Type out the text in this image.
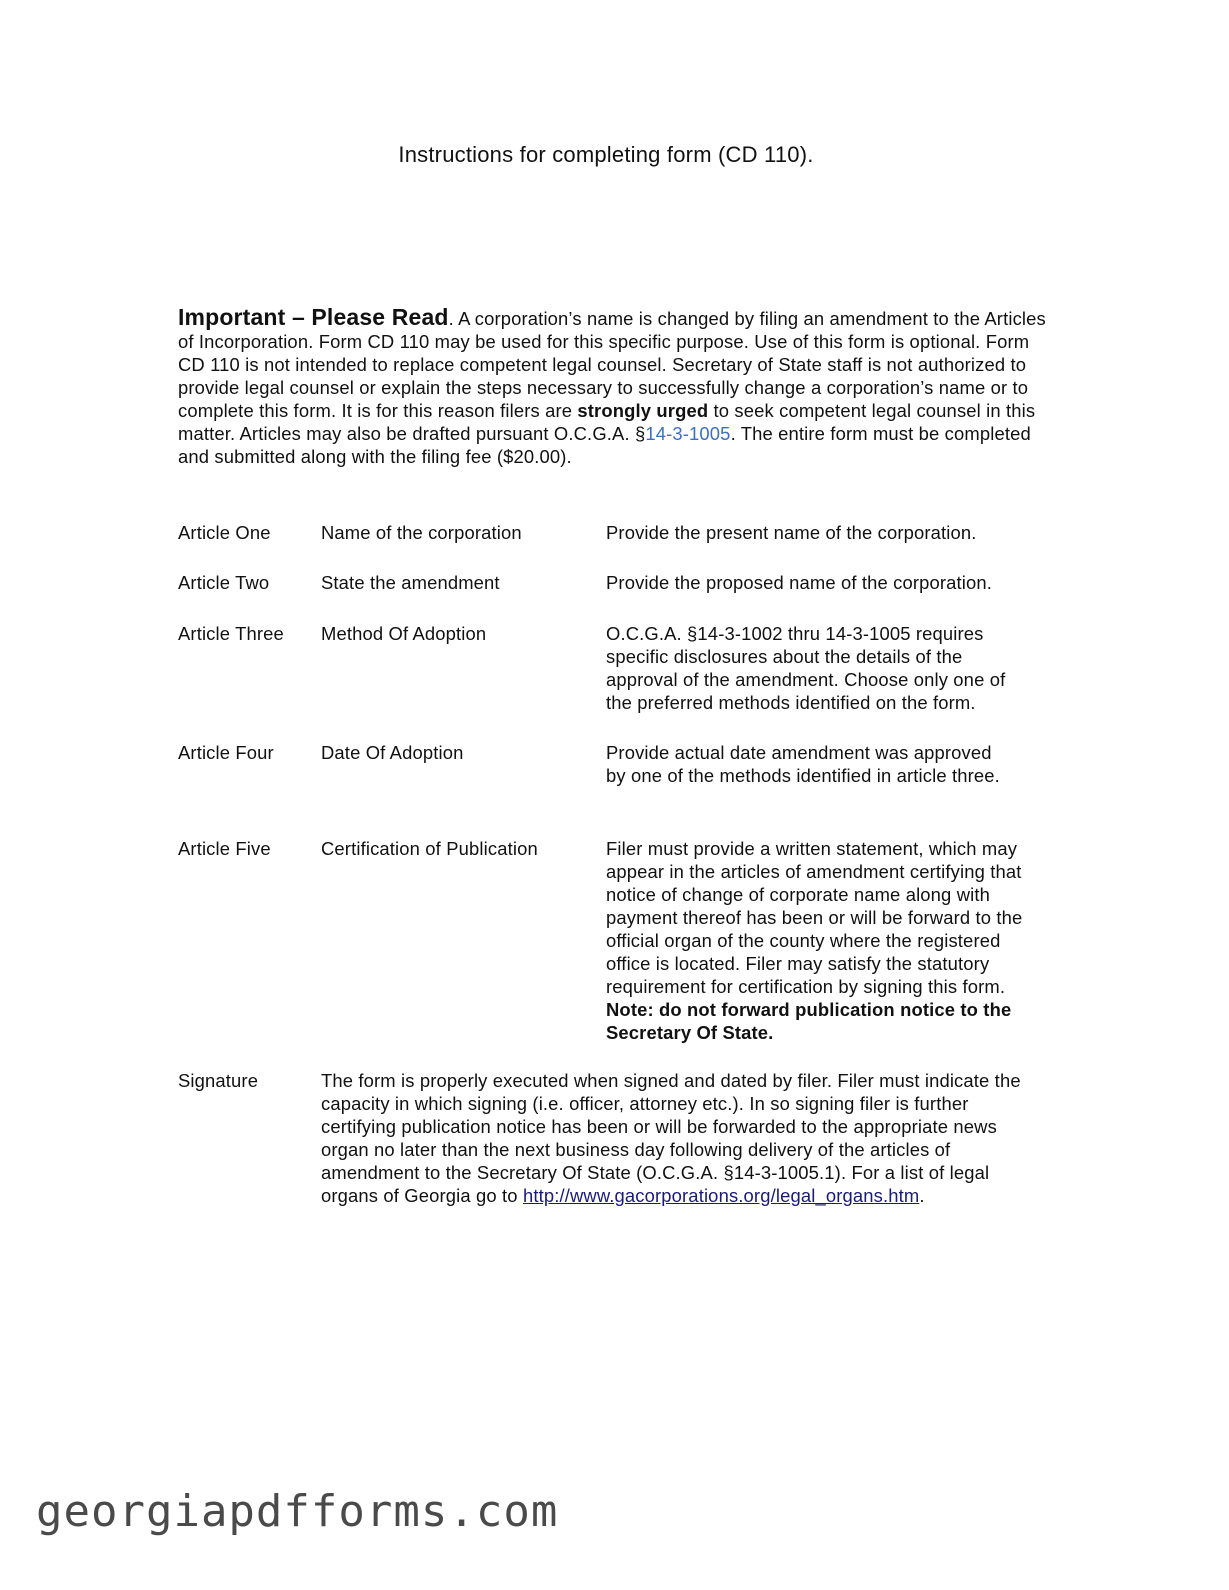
Instructions for completing form (CD 110).
Important – Please Read. A corporation’s name is changed by filing an amendment to the Articles of Incorporation. Form CD 110 may be used for this specific purpose. Use of this form is optional. Form CD 110 is not intended to replace competent legal counsel. Secretary of State staff is not authorized to provide legal counsel or explain the steps necessary to successfully change a corporation’s name or to complete this form. It is for this reason filers are strongly urged to seek competent legal counsel in this matter. Articles may also be drafted pursuant O.C.G.A. §14-3-1005. The entire form must be completed and submitted along with the filing fee ($20.00).
Article One	Name of the corporation	Provide the present name of the corporation.
Article Two	State the amendment	Provide the proposed name of the corporation.
Article Three	Method Of Adoption	O.C.G.A. §14-3-1002 thru 14-3-1005 requires specific disclosures about the details of the approval of the amendment. Choose only one of the preferred methods identified on the form.
Article Four	Date Of Adoption	Provide actual date amendment was approved by one of the methods identified in article three.
Article Five	Certification of Publication	Filer must provide a written statement, which may appear in the articles of amendment certifying that notice of change of corporate name along with payment thereof has been or will be forward to the official organ of the county where the registered office is located. Filer may satisfy the statutory requirement for certification by signing this form. Note: do not forward publication notice to the Secretary Of State.
Signature	The form is properly executed when signed and dated by filer. Filer must indicate the capacity in which signing (i.e. officer, attorney etc.). In so signing filer is further certifying publication notice has been or will be forwarded to the appropriate news organ no later than the next business day following delivery of the articles of amendment to the Secretary Of State (O.C.G.A. §14-3-1005.1). For a list of legal organs of Georgia go to http://www.gacorporations.org/legal_organs.htm.
georgiapdfforms.com
